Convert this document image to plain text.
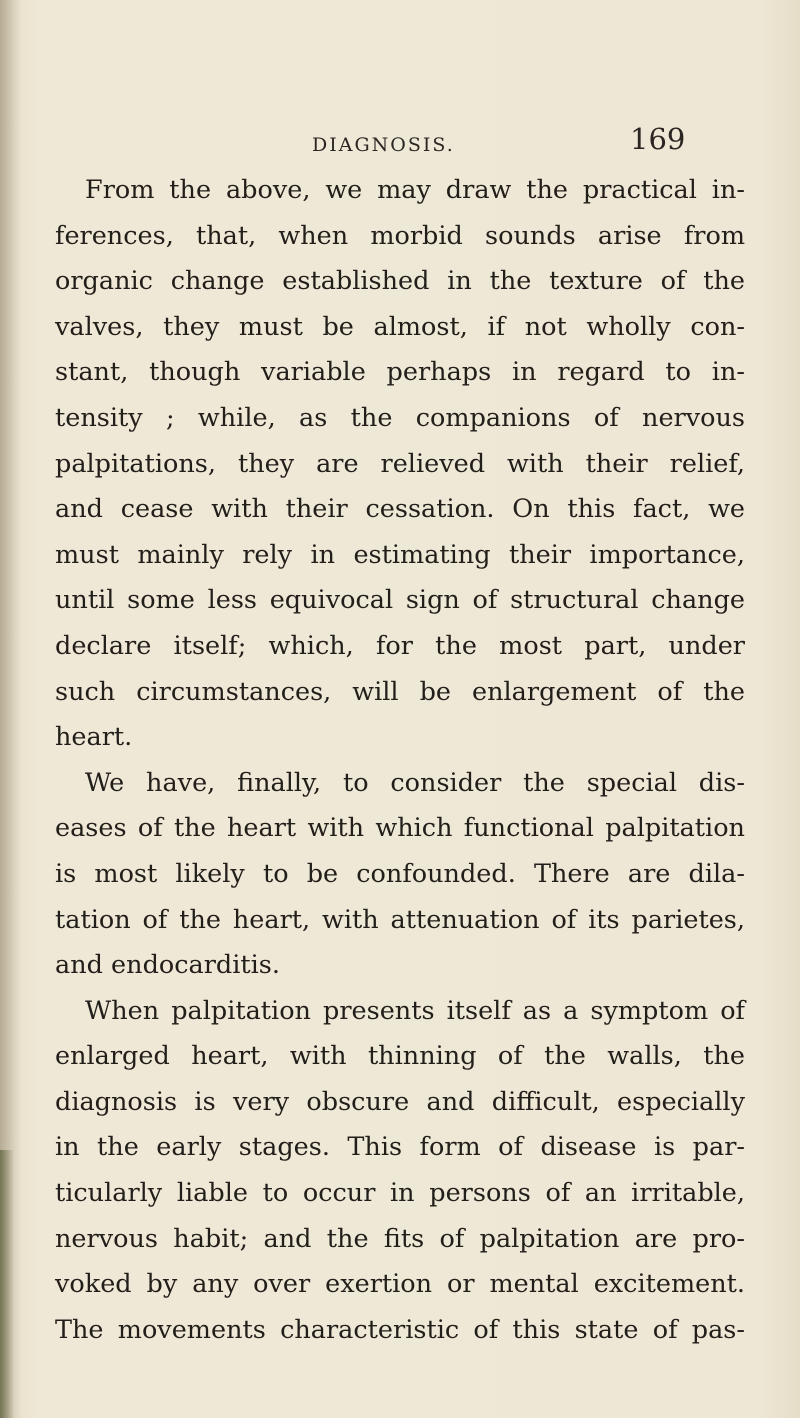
DIAGNOSIS.	169
From the above, we may draw the practical in-
ferences, that, when morbid sounds arise from
organic change established in the texture of the
valves, they must be almost, if not wholly con-
stant, though variable perhaps in regard to in-
tensity ; while, as the companions of nervous
palpitations, they are relieved with their relief,
and cease with their cessation. On this fact, we
must mainly rely in estimating their importance,
until some less equivocal sign of structural change
declare itself; which, for the most part, under
such circumstances, will be enlargement of the
heart.
We have, finally, to consider the special dis-
eases of the heart with which functional palpitation
is most likely to be confounded. There are dila-
tation of the heart, with attenuation of its parietes,
and endocarditis.
When palpitation presents itself as a symptom of
enlarged heart, with thinning of the walls, the
diagnosis is very obscure and difficult, especially
in the early stages. This form of disease is par-
ticularly liable to occur in persons of an irritable,
nervous habit; and the fits of palpitation are pro-
voked by any over exertion or mental excitement.
The movements characteristic of this state of pas-
